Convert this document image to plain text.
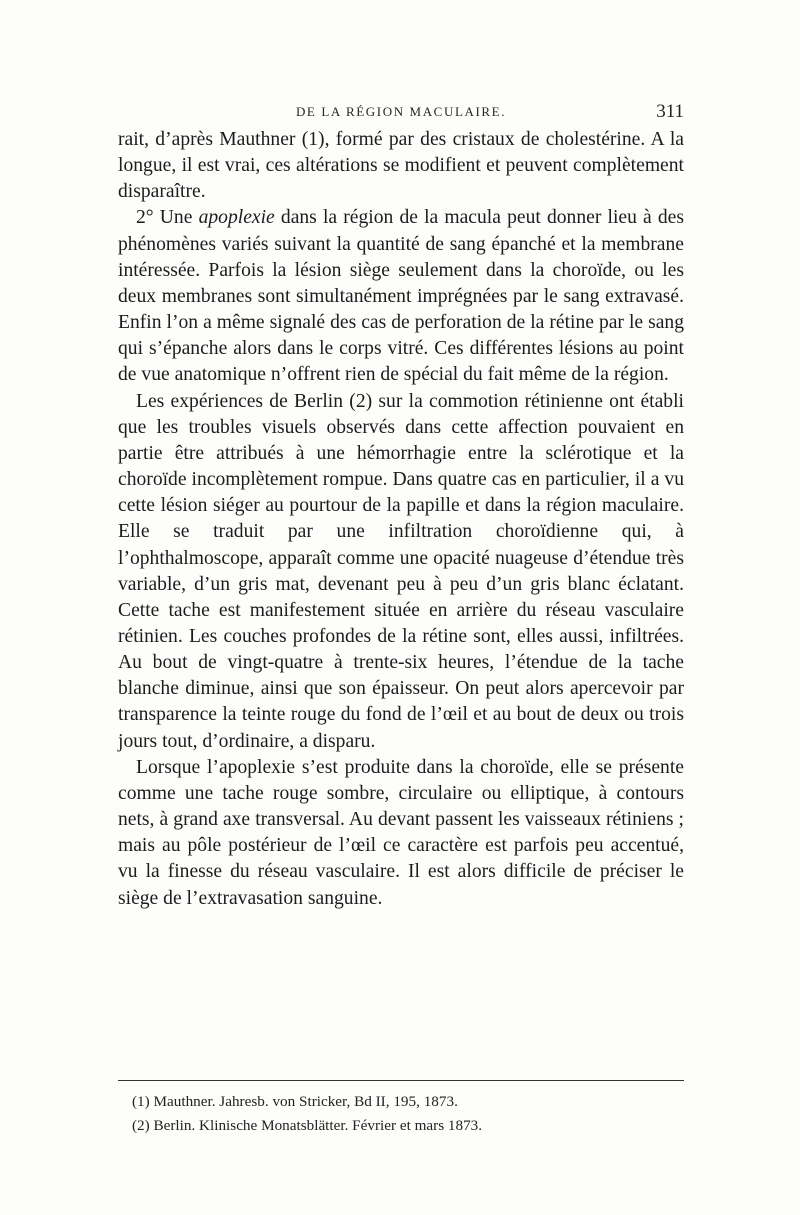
DE LA RÉGION MACULAIRE.	311

rait, d’après Mauthner (1), formé par des cristaux de cholestérine. A la longue, il est vrai, ces altérations se modifient et peuvent complètement disparaître.

2° Une apoplexie dans la région de la macula peut donner lieu à des phénomènes variés suivant la quantité de sang épanché et la membrane intéressée. Parfois la lésion siège seulement dans la choroïde, ou les deux membranes sont simultanément imprégnées par le sang extravasé. Enfin l’on a même signalé des cas de perforation de la rétine par le sang qui s’épanche alors dans le corps vitré. Ces différentes lésions au point de vue anatomique n’offrent rien de spécial du fait même de la région.

Les expériences de Berlin (2) sur la commotion rétinienne ont établi que les troubles visuels observés dans cette affection pouvaient en partie être attribués à une hémorrhagie entre la sclérotique et la choroïde incomplètement rompue. Dans quatre cas en particulier, il a vu cette lésion siéger au pourtour de la papille et dans la région maculaire. Elle se traduit par une infiltration choroïdienne qui, à l’ophthalmoscope, apparaît comme une opacité nuageuse d’étendue très variable, d’un gris mat, devenant peu à peu d’un gris blanc éclatant. Cette tache est manifestement située en arrière du réseau vasculaire rétinien. Les couches profondes de la rétine sont, elles aussi, infiltrées. Au bout de vingt-quatre à trente-six heures, l’étendue de la tache blanche diminue, ainsi que son épaisseur. On peut alors apercevoir par transparence la teinte rouge du fond de l’œil et au bout de deux ou trois jours tout, d’ordinaire, a disparu.

Lorsque l’apoplexie s’est produite dans la choroïde, elle se présente comme une tache rouge sombre, circulaire ou elliptique, à contours nets, à grand axe transversal. Au devant passent les vaisseaux rétiniens ; mais au pôle postérieur de l’œil ce caractère est parfois peu accentué, vu la finesse du réseau vasculaire. Il est alors difficile de préciser le siège de l’extravasation sanguine.

(1) Mauthner. Jahresb. von Stricker, Bd II, 195, 1873.

(2) Berlin. Klinische Monatsblätter. Février et mars 1873.
